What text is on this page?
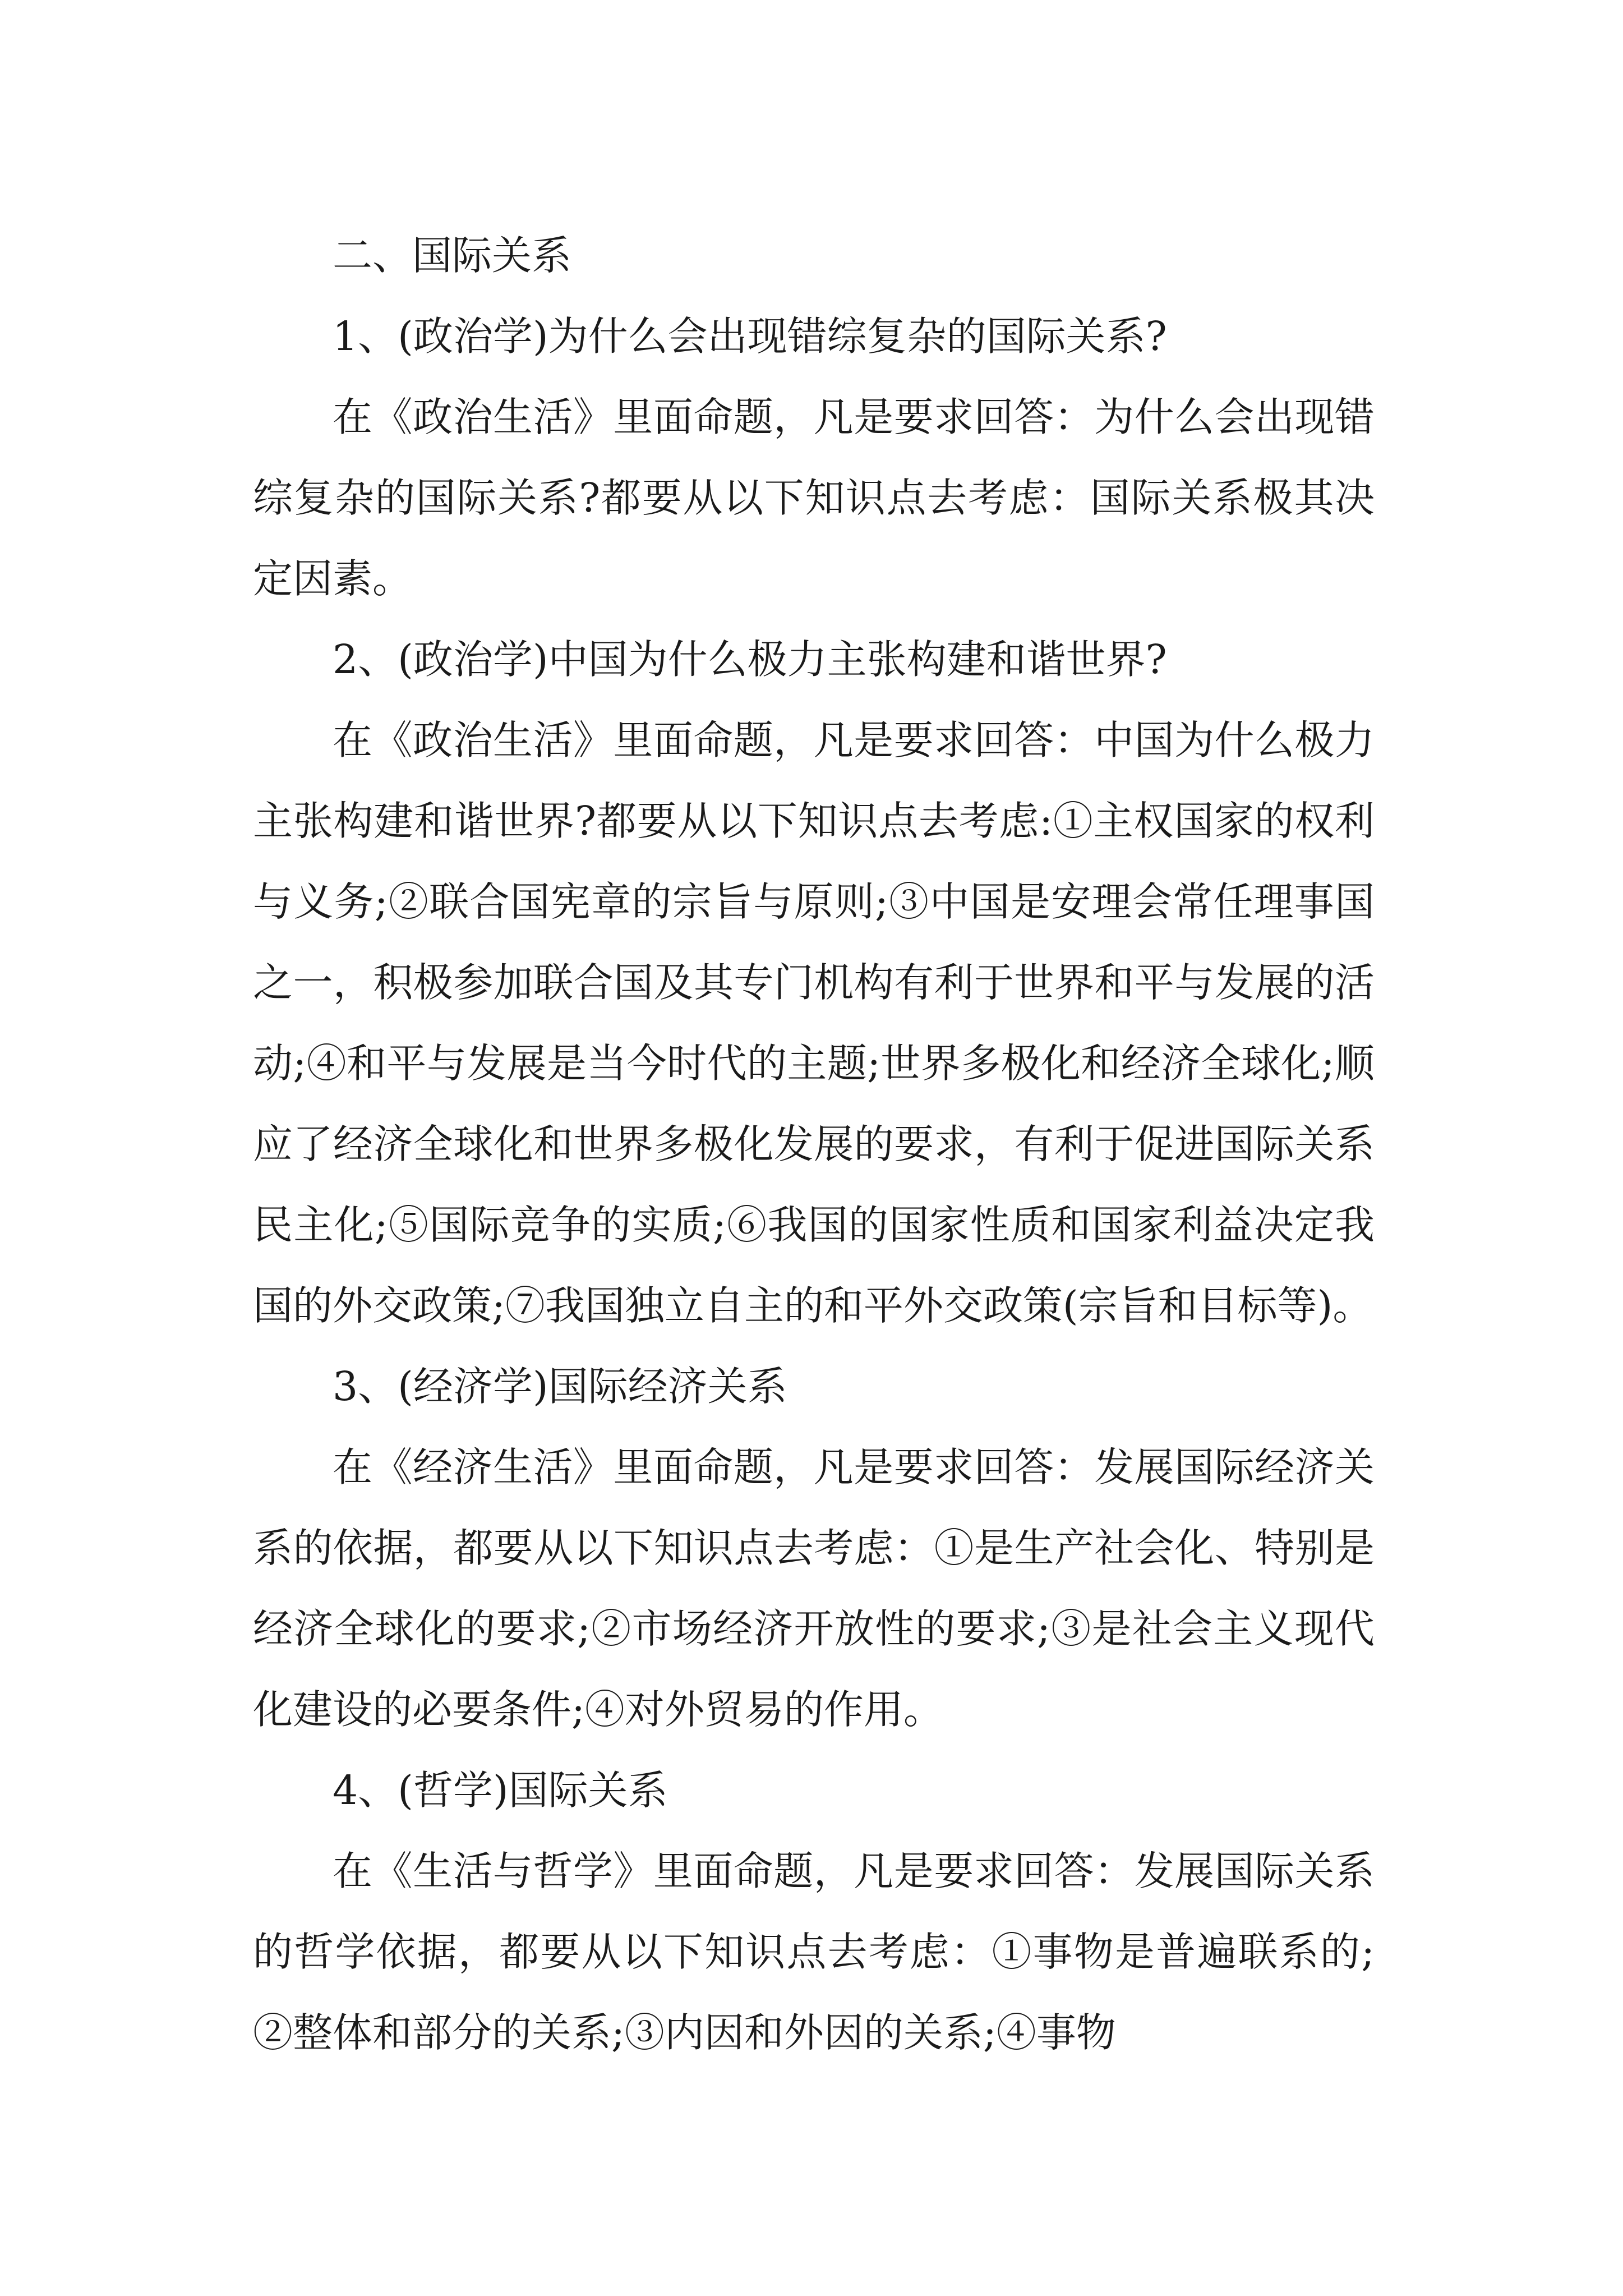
二、国际关系

1、(政治学)为什么会出现错综复杂的国际关系?

在《政治生活》里面命题，凡是要求回答：为什么会出现错综复杂的国际关系?都要从以下知识点去考虑：国际关系极其决定因素。

2、(政治学)中国为什么极力主张构建和谐世界?

在《政治生活》里面命题，凡是要求回答：中国为什么极力主张构建和谐世界?都要从以下知识点去考虑:①主权国家的权利与义务;②联合国宪章的宗旨与原则;③中国是安理会常任理事国之一，积极参加联合国及其专门机构有利于世界和平与发展的活动;④和平与发展是当今时代的主题;世界多极化和经济全球化;顺应了经济全球化和世界多极化发展的要求，有利于促进国际关系民主化;⑤国际竞争的实质;⑥我国的国家性质和国家利益决定我国的外交政策;⑦我国独立自主的和平外交政策(宗旨和目标等)。

3、(经济学)国际经济关系

在《经济生活》里面命题，凡是要求回答：发展国际经济关系的依据，都要从以下知识点去考虑：①是生产社会化、特别是经济全球化的要求;②市场经济开放性的要求;③是社会主义现代化建设的必要条件;④对外贸易的作用。

4、(哲学)国际关系

在《生活与哲学》里面命题，凡是要求回答：发展国际关系的哲学依据，都要从以下知识点去考虑：①事物是普遍联系的;②整体和部分的关系;③内因和外因的关系;④事物
